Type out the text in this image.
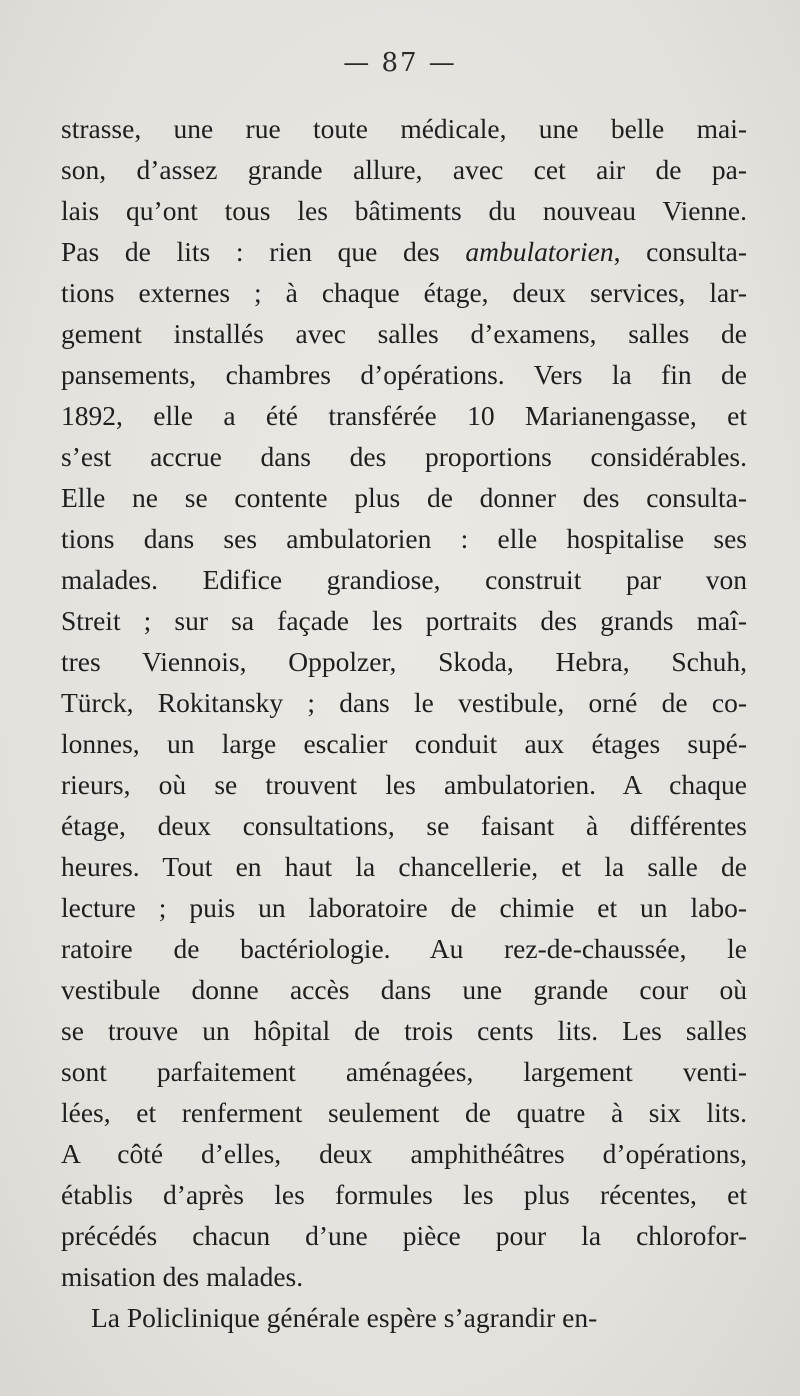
— 87 —
strasse, une rue toute médicale, une belle mai-
son, d’assez grande allure, avec cet air de pa-
lais qu’ont tous les bâtiments du nouveau Vienne.
Pas de lits : rien que des ambulatorien, consulta-
tions externes ; à chaque étage, deux services, lar-
gement installés avec salles d’examens, salles de
pansements, chambres d’opérations. Vers la fin de
1892, elle a été transférée 10 Marianengasse, et
s’est accrue dans des proportions considérables.
Elle ne se contente plus de donner des consulta-
tions dans ses ambulatorien : elle hospitalise ses
malades. Edifice grandiose, construit par von
Streit ; sur sa façade les portraits des grands maî-
tres Viennois, Oppolzer, Skoda, Hebra, Schuh,
Türck, Rokitansky ; dans le vestibule, orné de co-
lonnes, un large escalier conduit aux étages supé-
rieurs, où se trouvent les ambulatorien. A chaque
étage, deux consultations, se faisant à différentes
heures. Tout en haut la chancellerie, et la salle de
lecture ; puis un laboratoire de chimie et un labo-
ratoire de bactériologie. Au rez-de-chaussée, le
vestibule donne accès dans une grande cour où
se trouve un hôpital de trois cents lits. Les salles
sont parfaitement aménagées, largement venti-
lées, et renferment seulement de quatre à six lits.
A côté d’elles, deux amphithéâtres d’opérations,
établis d’après les formules les plus récentes, et
précédés chacun d’une pièce pour la chlorofor-
misation des malades.
La Policlinique générale espère s’agrandir en-
